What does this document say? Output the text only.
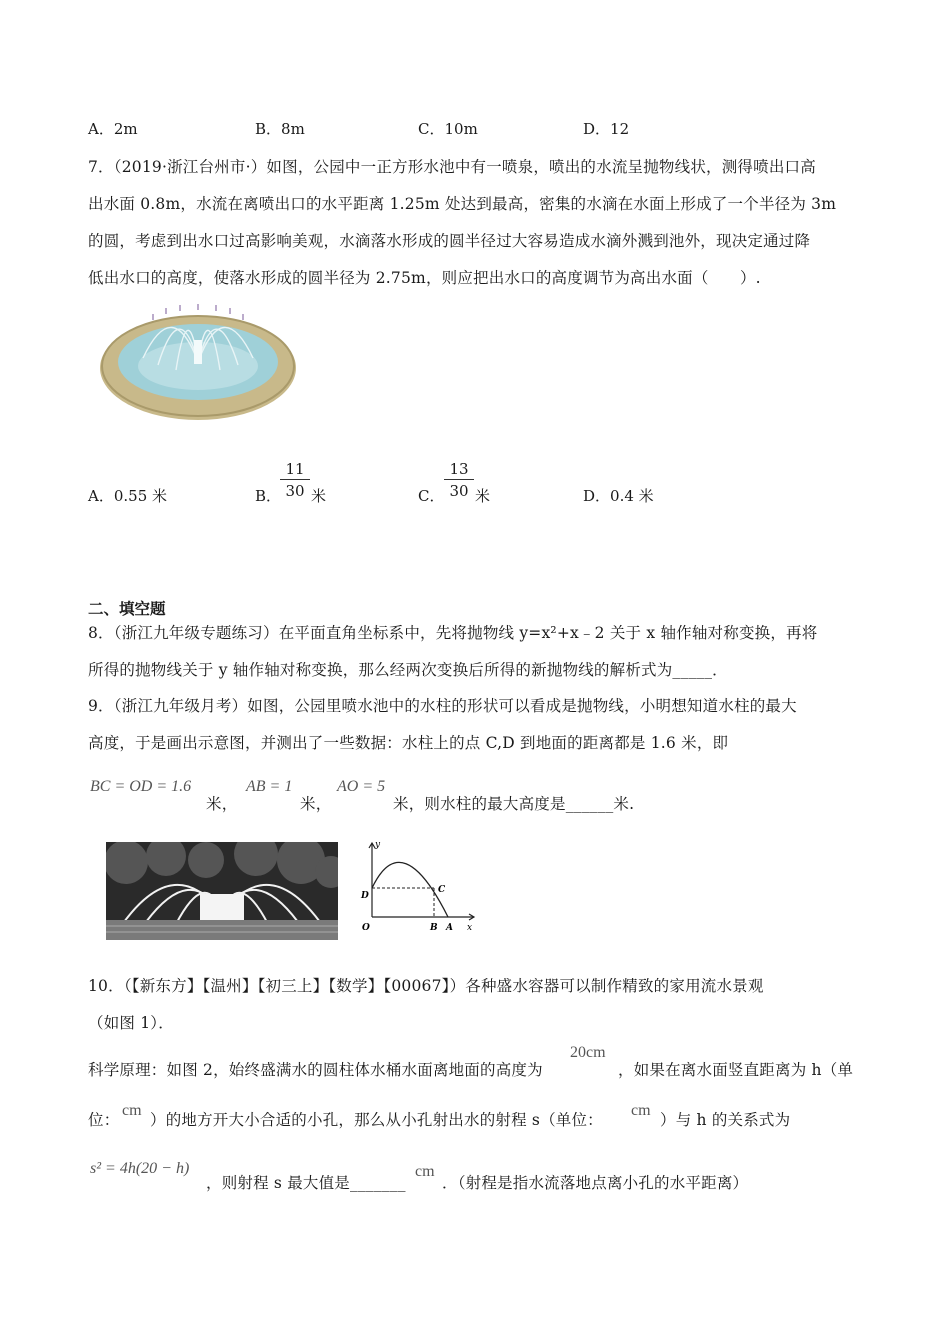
A．2m	B．8m	C．10m	D．12
7．（2019·浙江台州市·）如图，公园中一正方形水池中有一喷泉，喷出的水流呈抛物线状，测得喷出口高
出水面 0.8m，水流在离喷出口的水平距离 1.25m 处达到最高，密集的水滴在水面上形成了一个半径为 3m
的圆，考虑到出水口过高影响美观，水滴落水形成的圆半径过大容易造成水滴外溅到池外，现决定通过降
低出水口的高度，使落水形成的圆半径为 2.75m，则应把出水口的高度调节为高出水面（　　）.
A．0.55 米	B．
$\frac{11}{30}$ 米	C． $\frac{13}{30}$ 米	D．0.4 米
二、填空题
8．（浙江九年级专题练习）在平面直角坐标系中，先将抛物线 y=x²+x﹣2 关于 x 轴作轴对称变换，再将
所得的抛物线关于 y 轴作轴对称变换，那么经两次变换后所得的新抛物线的解析式为_____．
9．（浙江九年级月考）如图，公园里喷水池中的水柱的形状可以看成是抛物线，小明想知道水柱的最大
高度，于是画出示意图，并测出了一些数据：水柱上的点 C,D 到地面的距离都是 1.6 米，即
BC = OD = 1.6
米，
AB = 1
米，
AO = 5
米，则水柱的最大高度是______米.
y
x
O
D
C
B A
10．（【新东方】【温州】【初三上】【数学】【00067】）各种盛水容器可以制作精致的家用流水景观
（如图 1）．
20cm
科学原理：如图 2，始终盛满水的圆柱体水桶水面离地面的高度为	，如果在离水面竖直距离为 h（单
位：
cm
）的地方开大小合适的小孔，那么从小孔射出水的射程 s（单位：
cm
）与 h 的关系式为
s² = 4h(20 − h)
，则射程 s 最大值是_______
cm
．（射程是指水流落地点离小孔的水平距离）
